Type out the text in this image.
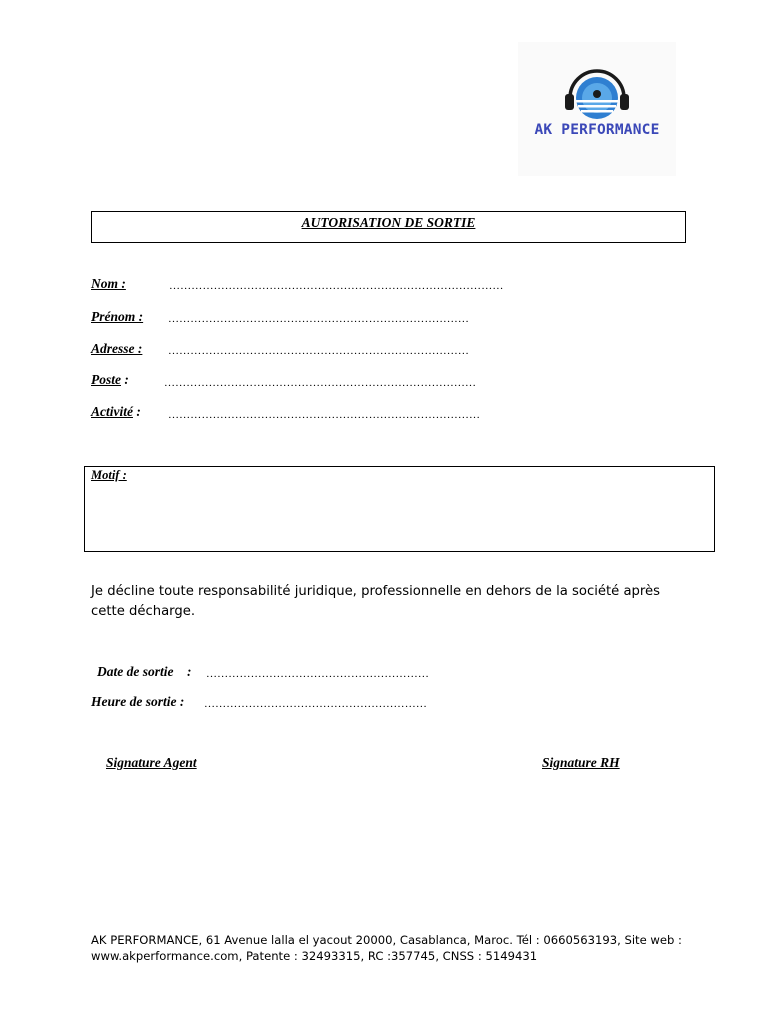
AK PERFORMANCE
AUTORISATION DE SORTIE
Nom :	………………………………………………………………………………
Prénom : ………………………………………………………………………
Adresse : ………………………………………………………………………
Poste :	…………………………………………………………………………
Activité : …………………………………………………………………………
Motif :
Je décline toute responsabilité juridique, professionnelle en dehors de la société après cette décharge.
Date de sortie    : ……………………………………………………
Heure de sortie : ……………………………………………………
Signature Agent	Signature RH
AK PERFORMANCE, 61 Avenue lalla el yacout 20000, Casablanca, Maroc. Tél : 0660563193, Site web : www.akperformance.com, Patente : 32493315, RC :357745, CNSS : 5149431
